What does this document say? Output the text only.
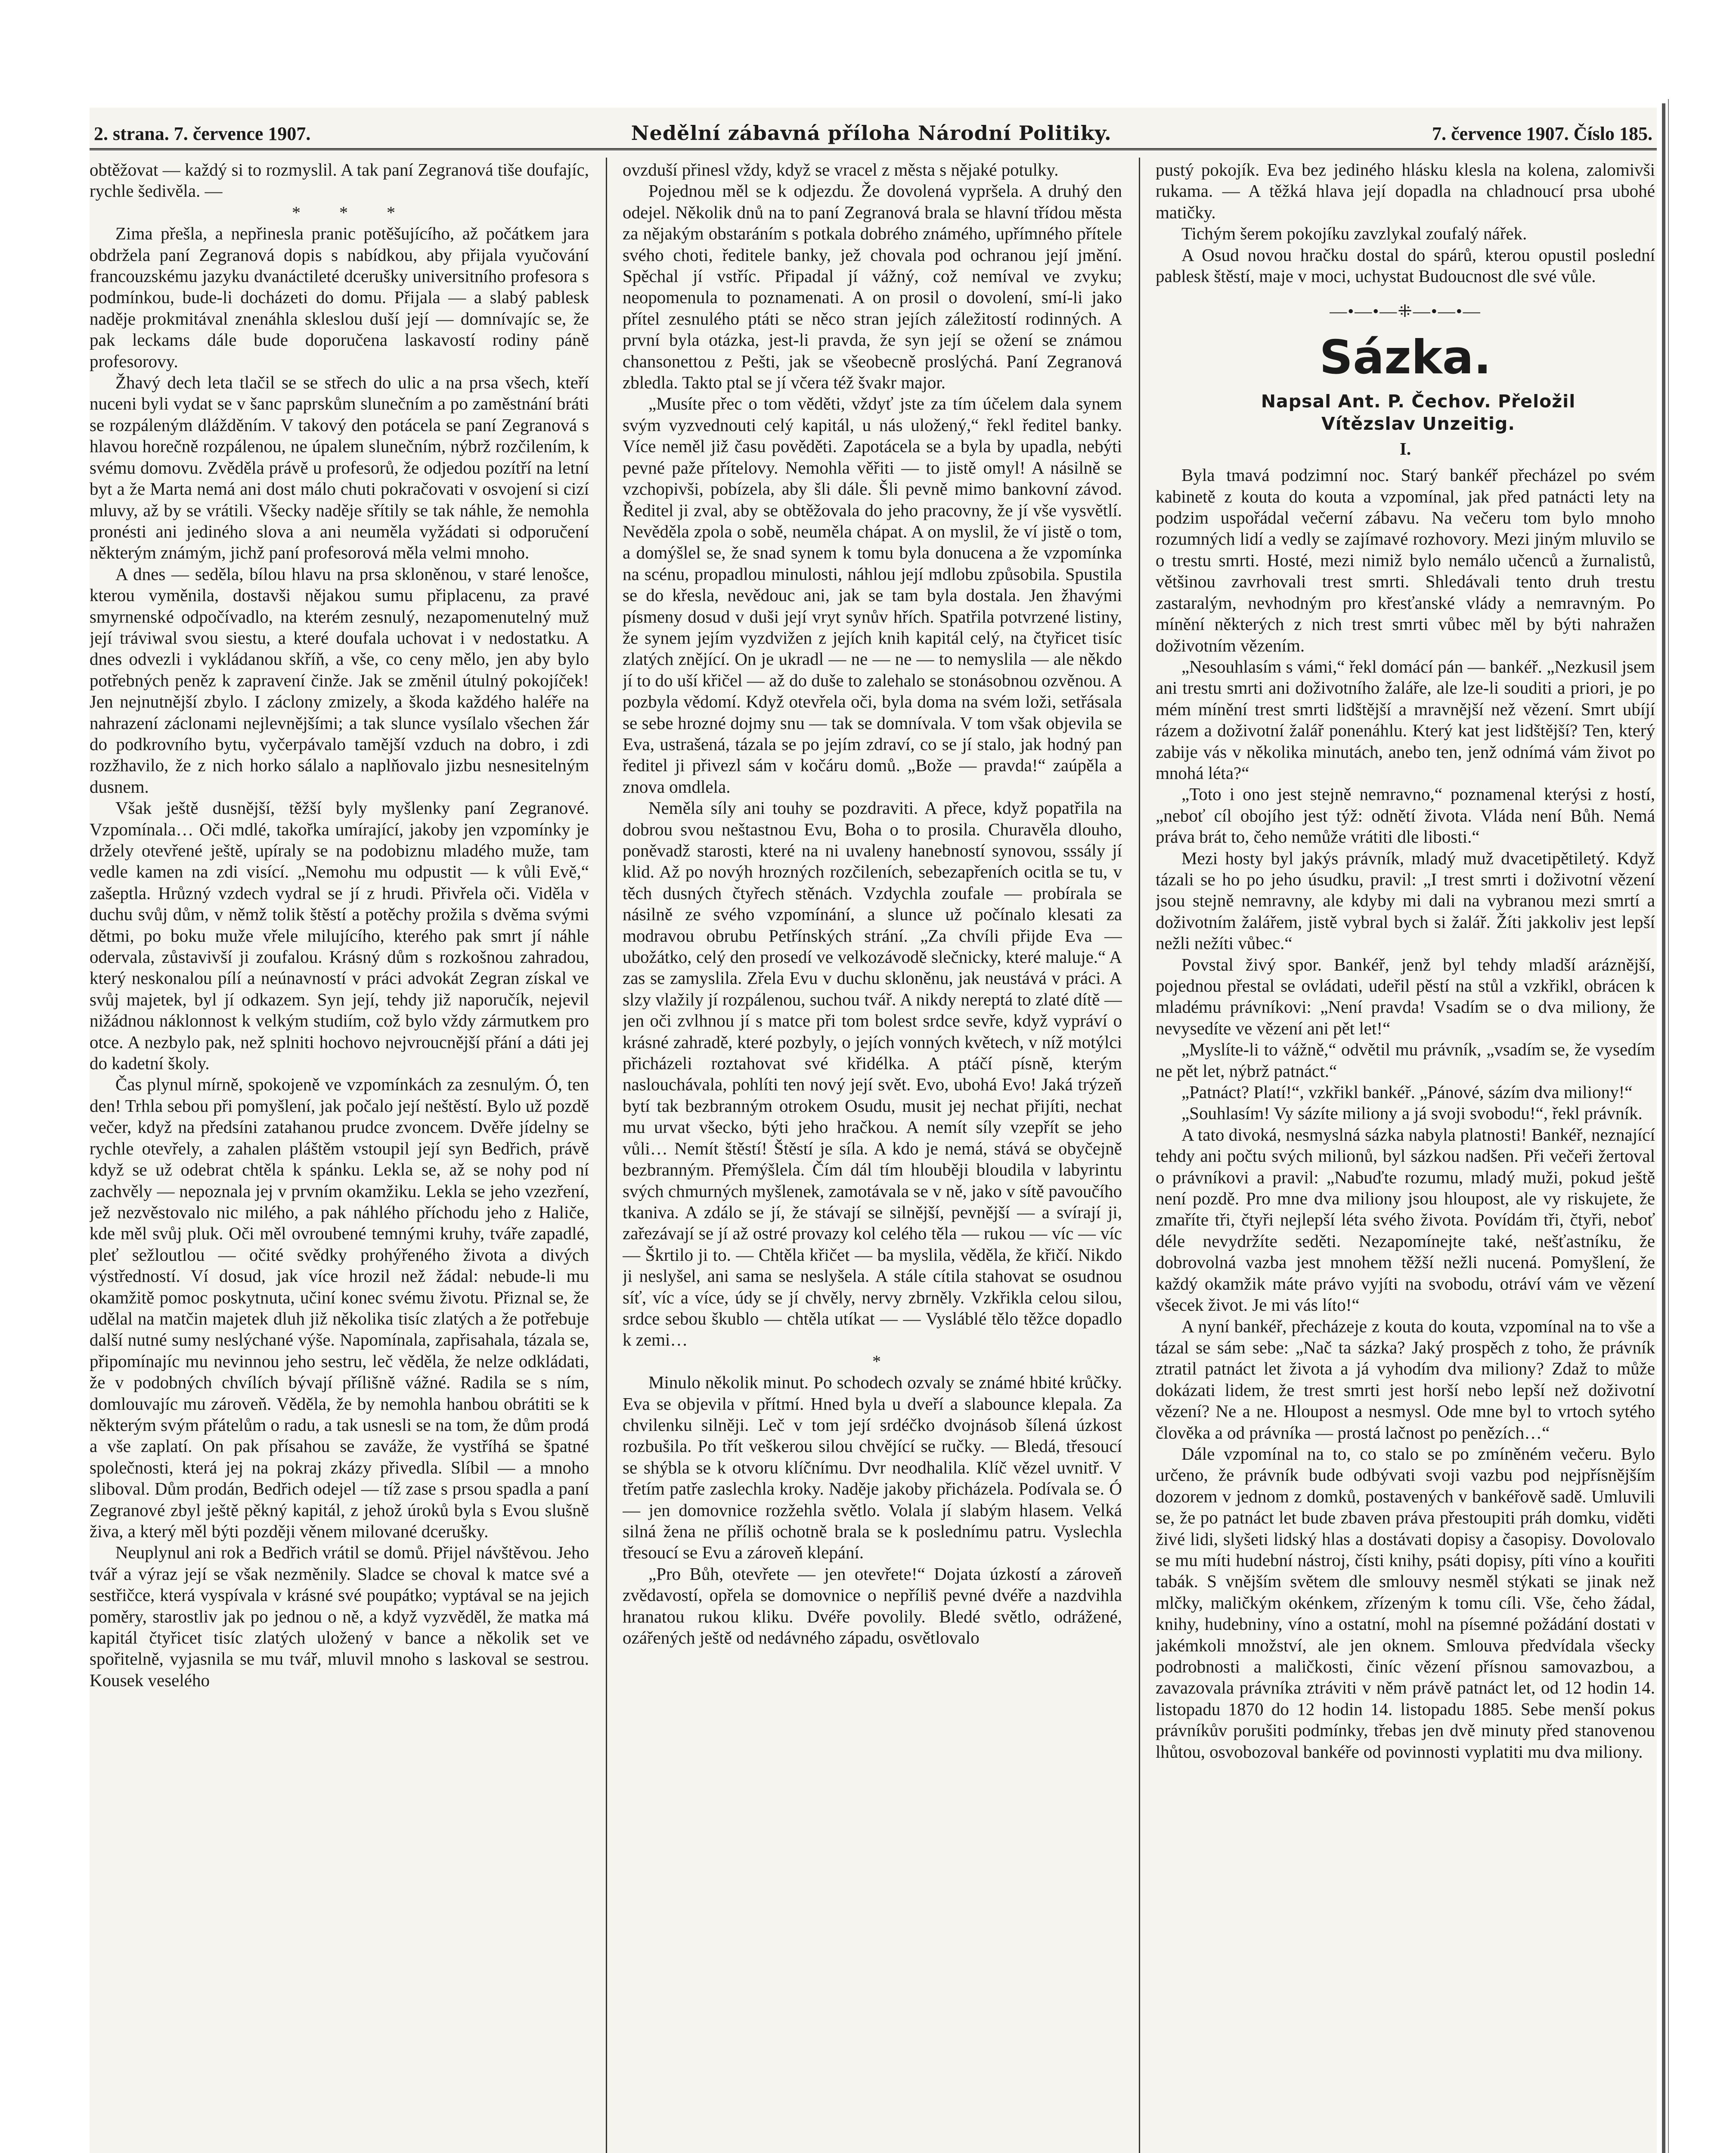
2. strana. 7. července 1907.	Nedělní zábavná příloha Národní Politiky.	7. července 1907. Číslo 185.

obtěžovat — každý si to rozmyslil. A tak paní Zegranová tiše doufajíc, rychle šedivěla. —

* * *

Zima přešla, a nepřinesla pranic potěšujícího, až počátkem jara obdržela paní Zegranová dopis s nabídkou, aby přijala vyučování francouzskému jazyku dvanáctileté dcerušky universitního profesora s podmínkou, bude-li docházeti do domu. Přijala — a slabý pablesk naděje prokmitával znenáhla skleslou duší její — domnívajíc se, že pak leckams dále bude doporučena laskavostí rodiny páně profesorovy.

Žhavý dech leta tlačil se se střech do ulic a na prsa všech, kteří nuceni byli vydat se v šanc paprskům slunečním a po zaměstnání bráti se rozpáleným dlážděním. V takový den potácela se paní Zegranová s hlavou horečně rozpálenou, ne úpalem slunečním, nýbrž rozčilením, k svému domovu. Zvěděla právě u profesorů, že odjedou pozítří na letní byt a že Marta nemá ani dost málo chuti pokračovati v osvojení si cizí mluvy, až by se vrátili. Všecky naděje sřítily se tak náhle, že nemohla pronésti ani jediného slova a ani neuměla vyžádati si odporučení některým známým, jichž paní profesorová měla velmi mnoho.

A dnes — seděla, bílou hlavu na prsa skloněnou, v staré lenošce, kterou vyměnila, dostavši nějakou sumu připlacenu, za pravé smyrnenské odpočívadlo, na kterém zesnulý, nezapomenutelný muž její tráviwal svou siestu, a které doufala uchovat i v nedostatku. A dnes odvezli i vykládanou skříň, a vše, co ceny mělo, jen aby bylo potřebných peněz k zapravení činže. Jak se změnil útulný pokojíček! Jen nejnutnější zbylo. I záclony zmizely, a škoda každého haléře na nahrazení záclonami nejlevnějšími; a tak slunce vysílalo všechen žár do podkrovního bytu, vyčerpávalo tamější vzduch na dobro, i zdi rozžhavilo, že z nich horko sálalo a naplňovalo jizbu nesnesitelným dusnem.

Však ještě dusnější, těžší byly myšlenky paní Zegranové. Vzpomínala… Oči mdlé, takořka umírající, jakoby jen vzpomínky je držely otevřené ještě, upíraly se na podobiznu mladého muže, tam vedle kamen na zdi visící. „Nemohu mu odpustit — k vůli Evě,“ zašeptla. Hrůzný vzdech vydral se jí z hrudi. Přivřela oči. Viděla v duchu svůj dům, v němž tolik štěstí a potěchy prožila s dvěma svými dětmi, po boku muže vřele milujícího, kterého pak smrt jí náhle odervala, zůstavivší ji zoufalou. Krásný dům s rozkošnou zahradou, který neskonalou pílí a neúnavností v práci advokát Zegran získal ve svůj majetek, byl jí odkazem. Syn její, tehdy již naporučík, nejevil nižádnou náklonnost k velkým studiím, což bylo vždy zármutkem pro otce. A nezbylo pak, než splniti hochovo nejvroucnější přání a dáti jej do kadetní školy.

Čas plynul mírně, spokojeně ve vzpomínkách za zesnulým. Ó, ten den! Trhla sebou při pomyšlení, jak počalo její neštěstí. Bylo už pozdě večer, když na předsíni zatahanou prudce zvoncem. Dvěře jídelny se rychle otevřely, a zahalen pláštěm vstoupil její syn Bedřich, právě když se už odebrat chtěla k spánku. Lekla se, až se nohy pod ní zachvěly — nepoznala jej v prvním okamžiku. Lekla se jeho vzezření, jež nezvěstovalo nic milého, a pak náhlého příchodu jeho z Haliče, kde měl svůj pluk. Oči měl ovroubené temnými kruhy, tváře zapadlé, pleť sežloutlou — očité svědky prohýřeného života a divých výstředností. Ví dosud, jak více hrozil než žádal: nebude-li mu okamžitě pomoc poskytnuta, učiní konec svému životu. Přiznal se, že udělal na matčin majetek dluh již několika tisíc zlatých a že potřebuje další nutné sumy neslýchané výše. Napomínala, zapřisahala, tázala se, připomínajíc mu nevinnou jeho sestru, leč věděla, že nelze odkládati, že v podobných chvílích bývají přílišně vážné. Radila se s ním, domlouvajíc mu zároveň. Věděla, že by nemohla hanbou obrátiti se k některým svým přátelům o radu, a tak usnesli se na tom, že dům prodá a vše zaplatí. On pak přísahou se zaváže, že vystříhá se špatné společnosti, která jej na pokraj zkázy přivedla. Slíbil — a mnoho sliboval. Dům prodán, Bedřich odejel — tíž zase s prsou spadla a paní Zegranové zbyl ještě pěkný kapitál, z jehož úroků byla s Evou slušně živa, a který měl býti později věnem milované dcerušky.

Neuplynul ani rok a Bedřich vrátil se domů. Přijel návštěvou. Jeho tvář a výraz její se však nezměnily. Sladce se choval k matce své a sestřičce, která vyspívala v krásné své poupátko; vyptával se na jejich poměry, starostliv jak po jednou o ně, a když vyzvěděl, že matka má kapitál čtyřicet tisíc zlatých uložený v bance a několik set ve spořitelně, vyjasnila se mu tvář, mluvil mnoho s laskoval se sestrou. Kousek veselého

ovzduší přinesl vždy, když se vracel z města s nějaké potulky.

Pojednou měl se k odjezdu. Že dovolená vypršela. A druhý den odejel. Několik dnů na to paní Zegranová brala se hlavní třídou města za nějakým obstaráním s potkala dobrého známého, upřímného přítele svého choti, ředitele banky, jež chovala pod ochranou její jmění. Spěchal jí vstříc. Připadal jí vážný, což nemíval ve zvyku; neopomenula to poznamenati. A on prosil o dovolení, smí-li jako přítel zesnulého ptáti se něco stran jejích záležitostí rodinných. A první byla otázka, jest-li pravda, že syn její se ožení se známou chansonettou z Pešti, jak se všeobecně proslýchá. Paní Zegranová zbledla. Takto ptal se jí včera též švakr major.

„Musíte přec o tom věděti, vždyť jste za tím účelem dala synem svým vyzvednouti celý kapitál, u nás uložený,“ řekl ředitel banky. Více neměl již času pověděti. Zapotácela se a byla by upadla, nebýti pevné paže přítelovy. Nemohla věřiti — to jistě omyl! A násilně se vzchopivši, pobízela, aby šli dále. Šli pevně mimo bankovní závod. Ředitel ji zval, aby se obtěžovala do jeho pracovny, že jí vše vysvětlí. Nevěděla zpola o sobě, neuměla chápat. A on myslil, že ví jistě o tom, a domýšlel se, že snad synem k tomu byla donucena a že vzpomínka na scénu, propadlou minulosti, náhlou její mdlobu způsobila. Spustila se do křesla, nevědouc ani, jak se tam byla dostala. Jen žhavými písmeny dosud v duši její vryt synův hřích. Spatřila potvrzené listiny, že synem jejím vyzdvižen z jejích knih kapitál celý, na čtyřicet tisíc zlatých znějící. On je ukradl — ne — ne — to nemyslila — ale někdo jí to do uší křičel — až do duše to zalehalo se stonásobnou ozvěnou. A pozbyla vědomí. Když otevřela oči, byla doma na svém loži, setřásala se sebe hrozné dojmy snu — tak se domnívala. V tom však objevila se Eva, ustrašená, tázala se po jejím zdraví, co se jí stalo, jak hodný pan ředitel ji přivezl sám v kočáru domů. „Bože — pravda!“ zaúpěla a znova omdlela.

Neměla síly ani touhy se pozdraviti. A přece, když popatřila na dobrou svou neštastnou Evu, Boha o to prosila. Churavěla dlouho, poněvadž starosti, které na ni uvaleny hanebností synovou, sssály jí klid. Až po novýh hrozných rozčileních, sebezapřeních ocitla se tu, v těch dusných čtyřech stěnách. Vzdychla zoufale — probírala se násilně ze svého vzpomínání, a slunce už počínalo klesati za modravou obrubu Petřínských strání. „Za chvíli přijde Eva — ubožátko, celý den prosedí ve velkozávodě slečnicky, které maluje.“ A zas se zamyslila. Zřela Evu v duchu skloněnu, jak neustává v práci. A slzy vlažily jí rozpálenou, suchou tvář. A nikdy nereptá to zlaté dítě — jen oči zvlhnou jí s matce při tom bolest srdce sevře, když vypráví o krásné zahradě, které pozbyly, o jejích vonných květech, v níž motýlci přicházeli roztahovat své křidélka. A ptáčí písně, kterým naslouchávala, pohlíti ten nový její svět. Evo, ubohá Evo! Jaká trýzeň bytí tak bezbranným otrokem Osudu, musit jej nechat přijíti, nechat mu urvat všecko, býti jeho hračkou. A nemít síly vzepřít se jeho vůli… Nemít štěstí! Štěstí je síla. A kdo je nemá, stává se obyčejně bezbranným. Přemýšlela. Čím dál tím hlouběji bloudila v labyrintu svých chmurných myšlenek, zamotávala se v ně, jako v sítě pavoučího tkaniva. A zdálo se jí, že stávají se silnější, pevnější — a svírají ji, zařezávají se jí až ostré provazy kol celého těla — rukou — víc — víc — Škrtilo ji to. — Chtěla křičet — ba myslila, věděla, že křičí. Nikdo ji neslyšel, ani sama se neslyšela. A stále cítila stahovat se osudnou síť, víc a více, údy se jí chvěly, nervy zbrněly. Vzkřikla celou silou, srdce sebou škublo — chtěla utíkat — — Vysláblé tělo těžce dopadlo k zemi…

*

Minulo několik minut. Po schodech ozvaly se známé hbité krůčky. Eva se objevila v přítmí. Hned byla u dveří a slabounce klepala. Za chvilenku silněji. Leč v tom její srdéčko dvojnásob šílená úzkost rozbušila. Po třít veškerou silou chvějící se ručky. — Bledá, třesoucí se shýbla se k otvoru klíčnímu. Dvr neodhalila. Klíč vězel uvnitř. V třetím patře zaslechla kroky. Naděje jakoby přicházela. Podívala se. Ó — jen domovnice rozžehla světlo. Volala jí slabým hlasem. Velká silná žena ne příliš ochotně brala se k poslednímu patru. Vyslechla třesoucí se Evu a zároveň klepání.

„Pro Bůh, otevřete — jen otevřete!“ Dojata úzkostí a zároveň zvědavostí, opřela se domovnice o nepříliš pevné dvéře a nazdvihla hranatou rukou kliku. Dvéře povolily. Bledé světlo, odrážené, ozářených ještě od nedávného západu, osvětlovalo

pustý pokojík. Eva bez jediného hlásku klesla na kolena, zalomivši rukama. — A těžká hlava její dopadla na chladnoucí prsa ubohé matičky.

Tichým šerem pokojíku zavzlykal zoufalý nářek.

A Osud novou hračku dostal do spárů, kterou opustil poslední pablesk štěstí, maje v moci, uchystat Budoucnost dle své vůle.

—•—•—⁜—•—•—
Sázka.

Napsal Ant. P. Čechov. Přeložil

Vítězslav Unzeitig.

I.

Byla tmavá podzimní noc. Starý bankéř přecházel po svém kabinetě z kouta do kouta a vzpomínal, jak před patnácti lety na podzim uspořádal večerní zábavu. Na večeru tom bylo mnoho rozumných lidí a vedly se zajímavé rozhovory. Mezi jiným mluvilo se o trestu smrti. Hosté, mezi nimiž bylo nemálo učenců a žurnalistů, většinou zavrhovali trest smrti. Shledávali tento druh trestu zastaralým, nevhodným pro křesťanské vlády a nemravným. Po mínění některých z nich trest smrti vůbec měl by býti nahražen doživotním vězením.

„Nesouhlasím s vámi,“ řekl domácí pán — bankéř. „Nezkusil jsem ani trestu smrti ani doživotního žaláře, ale lze-li souditi a priori, je po mém mínění trest smrti lidštější a mravnější než vězení. Smrt ubíjí rázem a doživotní žalář ponenáhlu. Který kat jest lidštější? Ten, který zabije vás v několika minutách, anebo ten, jenž odnímá vám život po mnohá léta?“

„Toto i ono jest stejně nemravno,“ poznamenal kterýsi z hostí, „neboť cíl obojího jest týž: odnětí života. Vláda není Bůh. Nemá práva brát to, čeho nemůže vrátiti dle libosti.“

Mezi hosty byl jakýs právník, mladý muž dvacetipětiletý. Když tázali se ho po jeho úsudku, pravil: „I trest smrti i doživotní vězení jsou stejně nemravny, ale kdyby mi dali na vybranou mezi smrtí a doživotním žalářem, jistě vybral bych si žalář. Žíti jakkoliv jest lepší nežli nežíti vůbec.“

Povstal živý spor. Bankéř, jenž byl tehdy mladší aráznější, pojednou přestal se ovládati, udeřil pěstí na stůl a vzkřikl, obrácen k mladému právníkovi: „Není pravda! Vsadím se o dva miliony, že nevysedíte ve vězení ani pět let!“

„Myslíte-li to vážně,“ odvětil mu právník, „vsadím se, že vysedím ne pět let, nýbrž patnáct.“

„Patnáct? Platí!“, vzkřikl bankéř. „Pánové, sázím dva miliony!“

„Souhlasím! Vy sázíte miliony a já svoji svobodu!“, řekl právník.

A tato divoká, nesmyslná sázka nabyla platnosti! Bankéř, neznající tehdy ani počtu svých milionů, byl sázkou nadšen. Při večeři žertoval o právníkovi a pravil: „Nabuďte rozumu, mladý muži, pokud ještě není pozdě. Pro mne dva miliony jsou hloupost, ale vy riskujete, že zmaříte tři, čtyři nejlepší léta svého života. Povídám tři, čtyři, neboť déle nevydržíte seděti. Nezapomínejte také, nešťastníku, že dobrovolná vazba jest mnohem těžší nežli nucená. Pomyšlení, že každý okamžik máte právo vyjíti na svobodu, otráví vám ve vězení všecek život. Je mi vás líto!“

A nyní bankéř, přecházeje z kouta do kouta, vzpomínal na to vše a tázal se sám sebe: „Nač ta sázka? Jaký prospěch z toho, že právník ztratil patnáct let života a já vyhodím dva miliony? Zdaž to může dokázati lidem, že trest smrti jest horší nebo lepší než doživotní vězení? Ne a ne. Hloupost a nesmysl. Ode mne byl to vrtoch sytého člověka a od právníka — prostá lačnost po penězích…“

Dále vzpomínal na to, co stalo se po zmíněném večeru. Bylo určeno, že právník bude odbývati svoji vazbu pod nejpřísnějším dozorem v jednom z domků, postavených v bankéřově sadě. Umluvili se, že po patnáct let bude zbaven práva přestoupiti práh domku, viděti živé lidi, slyšeti lidský hlas a dostávati dopisy a časopisy. Dovolovalo se mu míti hudební nástroj, čísti knihy, psáti dopisy, píti víno a kouřiti tabák. S vnějším světem dle smlouvy nesměl stýkati se jinak než mlčky, maličkým okénkem, zřízeným k tomu cíli. Vše, čeho žádal, knihy, hudebniny, víno a ostatní, mohl na písemné požádání dostati v jakémkoli množství, ale jen oknem. Smlouva předvídala všecky podrobnosti a maličkosti, činíc vězení přísnou samovazbou, a zavazovala právníka ztráviti v něm právě patnáct let, od 12 hodin 14. listopadu 1870 do 12 hodin 14. listopadu 1885. Sebe menší pokus právníkův porušiti podmínky, třebas jen dvě minuty před stanovenou lhůtou, osvobozoval bankéře od povinnosti vyplatiti mu dva miliony.
